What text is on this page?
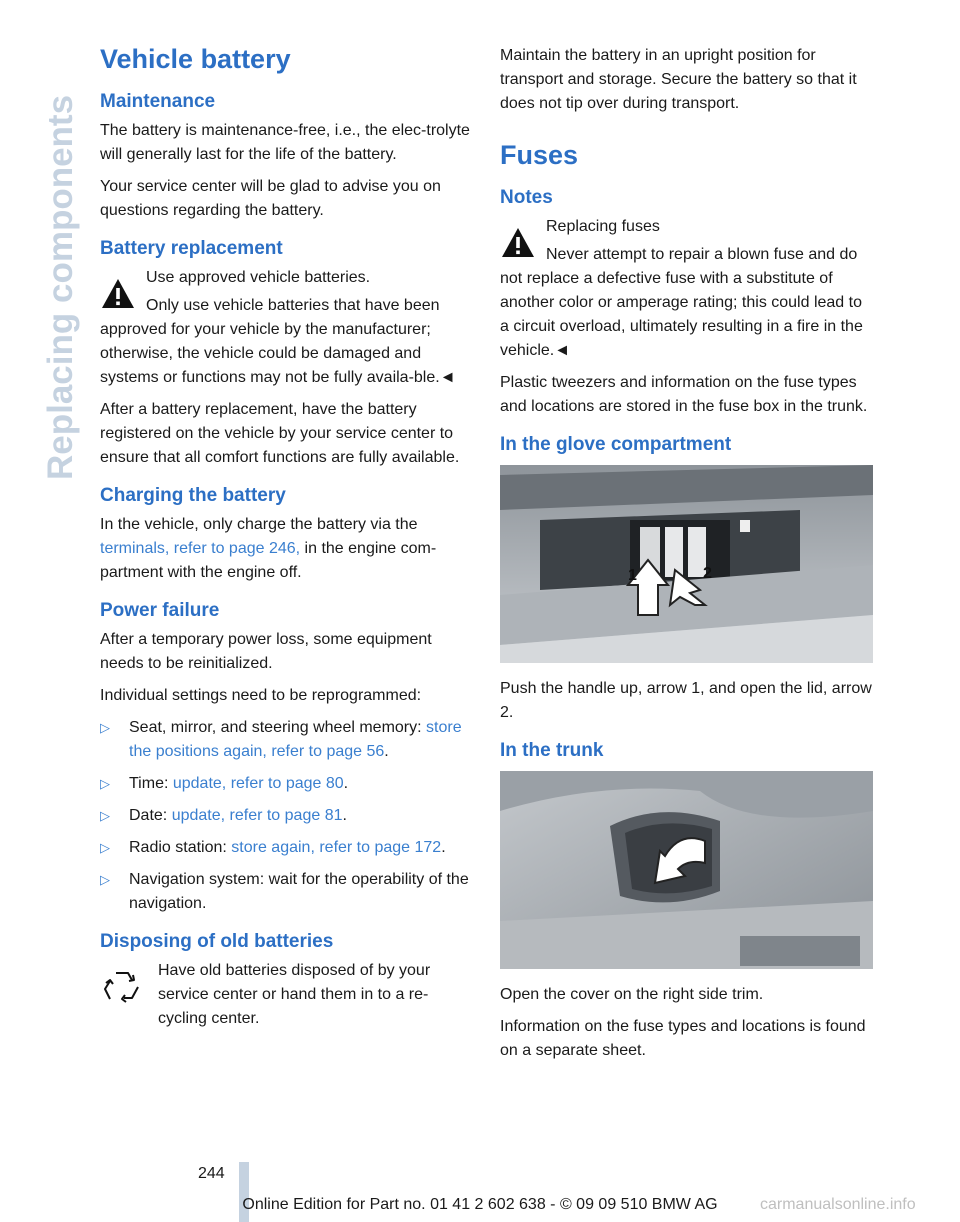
Replacing components
Vehicle battery
Maintenance

The battery is maintenance-free, i.e., the elec-trolyte will generally last for the life of the battery.

Your service center will be glad to advise you on questions regarding the battery.

Battery replacement

Use approved vehicle batteries.

Only use vehicle batteries that have been approved for your vehicle by the manufacturer; otherwise, the vehicle could be damaged and systems or functions may not be fully availa-ble.◄

After a battery replacement, have the battery registered on the vehicle by your service center to ensure that all comfort functions are fully available.

Charging the battery

In the vehicle, only charge the battery via the
terminals, refer to page 246, in the engine com-partment with the engine off.

Power failure

After a temporary power loss, some equipment needs to be reinitialized.

Individual settings need to be reprogrammed:

▷ Seat, mirror, and steering wheel memory: store the positions again, refer to page 56.
▷ Time: update, refer to page 80.
▷ Date: update, refer to page 81.
▷ Radio station: store again, refer to page 172.
▷ Navigation system: wait for the operability of the navigation.
Disposing of old batteries

Have old batteries disposed of by your service center or hand them in to a re-cycling center.

Maintain the battery in an upright position for transport and storage. Secure the battery so that it does not tip over during transport.

Fuses
Notes

Replacing fuses

Never attempt to repair a blown fuse and do not replace a defective fuse with a substitute of another color or amperage rating; this could lead to a circuit overload, ultimately resulting in a fire in the vehicle.◄

Plastic tweezers and information on the fuse types and locations are stored in the fuse box in the trunk.

In the glove compartment
1	2

Push the handle up, arrow 1, and open the lid, arrow 2.

In the trunk

Open the cover on the right side trim.

Information on the fuse types and locations is found on a separate sheet.

244
Online Edition for Part no. 01 41 2 602 638 - © 09 09 510 BMW AG	carmanualsonline.info
